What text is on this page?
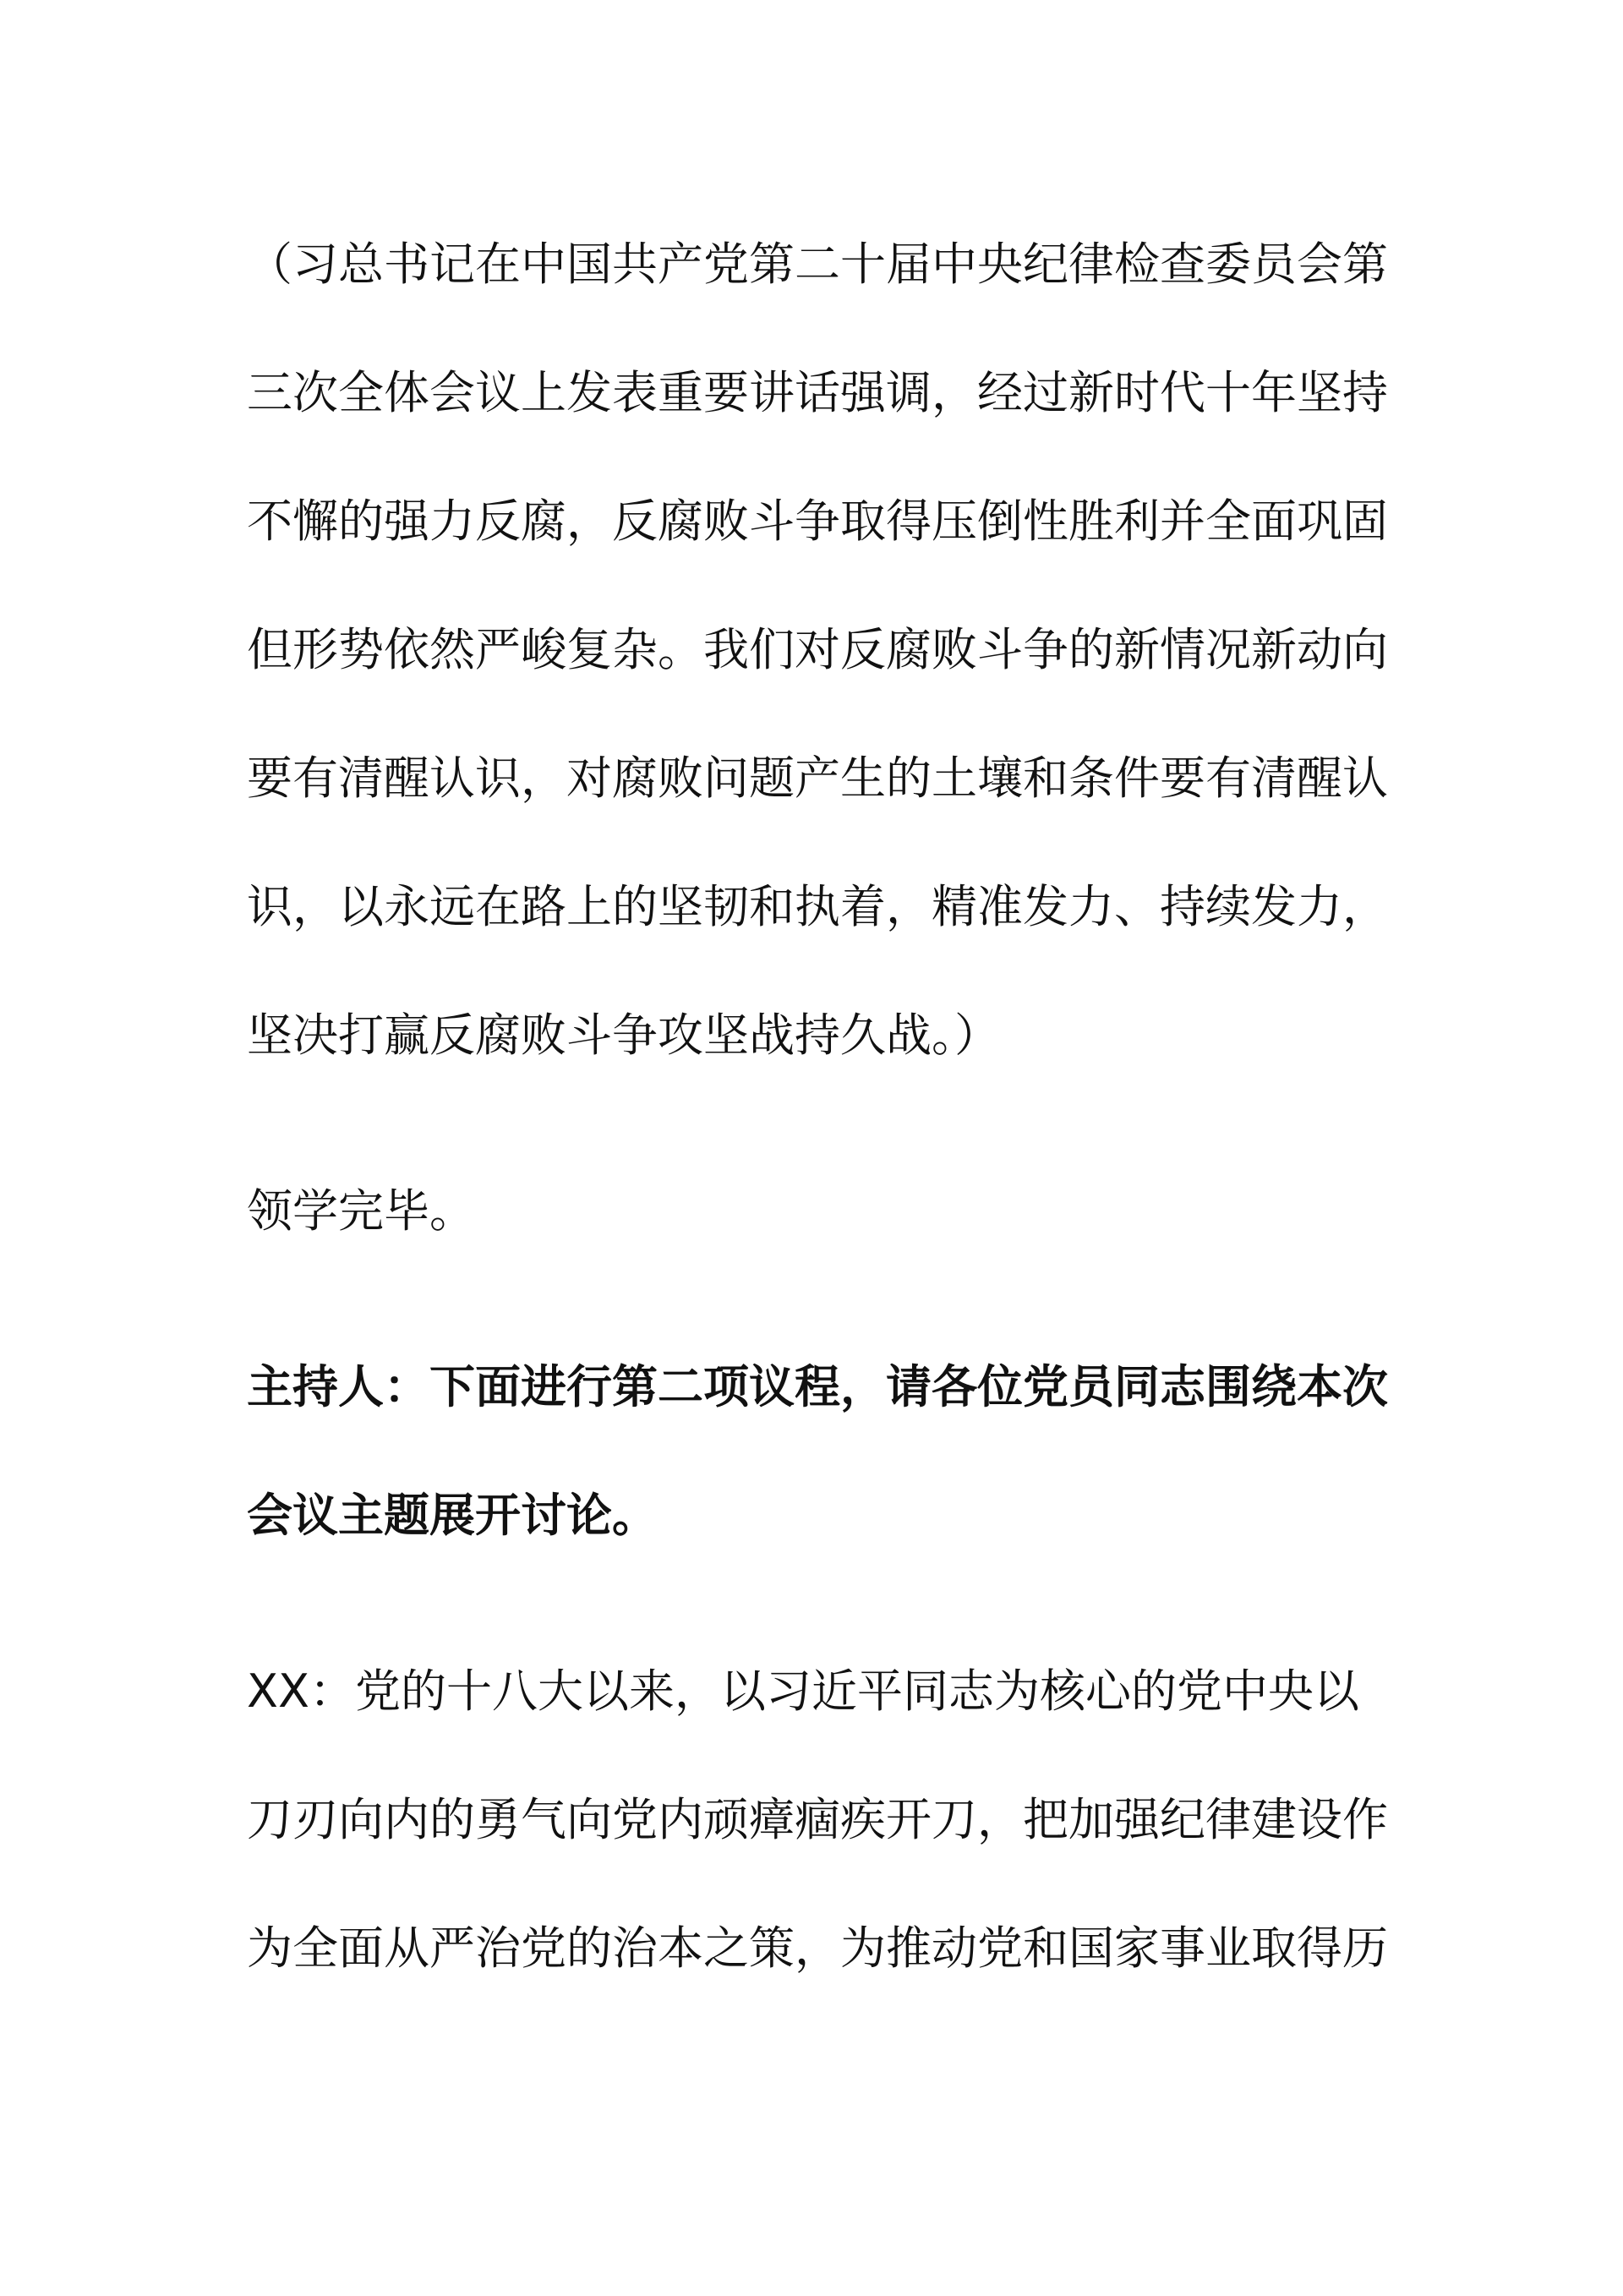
（习总书记在中国共产党第二十届中央纪律检查委员会第
三次全体会议上发表重要讲话强调，经过新时代十年坚持
不懈的强力反腐，反腐败斗争取得压倒性胜利并全面巩固
但形势依然严峻复杂。我们对反腐败斗争的新情况新动向
要有清醒认识，对腐败问题产生的土壤和条件要有清醒认
识，以永远在路上的坚韧和执着，精准发力、持续发力，
坚决打赢反腐败斗争攻坚战持久战。）
领学完毕。
主持人：下面进行第二项议程，请各位党员同志围绕本次
会议主题展开讨论。
XX：党的十八大以来，以习近平同志为核心的党中央以
刀刃向内的勇气向党内顽瘴痼疾开刀，把加强纪律建设作
为全面从严治党的治本之策，为推动党和国家事业取得历
